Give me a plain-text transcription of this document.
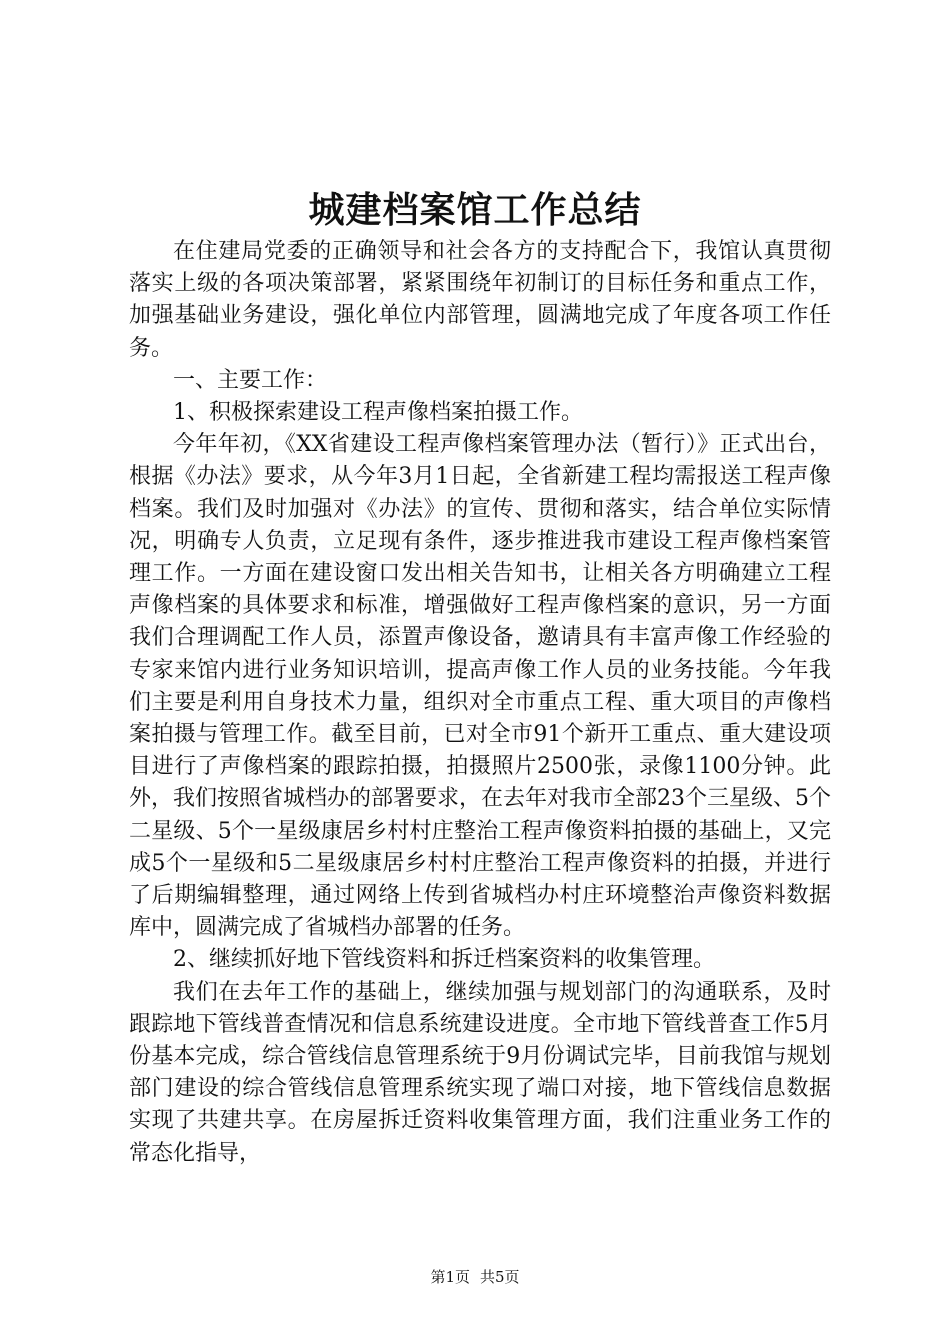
城建档案馆工作总结

在住建局党委的正确领导和社会各方的支持配合下，我馆认真贯彻落实上级的各项决策部署，紧紧围绕年初制订的目标任务和重点工作，加强基础业务建设，强化单位内部管理，圆满地完成了年度各项工作任务。

一、主要工作：

1、积极探索建设工程声像档案拍摄工作。

今年年初，《XX省建设工程声像档案管理办法（暂行）》正式出台，根据《办法》要求，从今年3月1日起，全省新建工程均需报送工程声像档案。我们及时加强对《办法》的宣传、贯彻和落实，结合单位实际情况，明确专人负责，立足现有条件，逐步推进我市建设工程声像档案管理工作。一方面在建设窗口发出相关告知书，让相关各方明确建立工程声像档案的具体要求和标准，增强做好工程声像档案的意识，另一方面我们合理调配工作人员，添置声像设备，邀请具有丰富声像工作经验的专家来馆内进行业务知识培训，提高声像工作人员的业务技能。今年我们主要是利用自身技术力量，组织对全市重点工程、重大项目的声像档案拍摄与管理工作。截至目前，已对全市91个新开工重点、重大建设项目进行了声像档案的跟踪拍摄，拍摄照片2500张，录像1100分钟。此外，我们按照省城档办的部署要求，在去年对我市全部23个三星级、5个二星级、5个一星级康居乡村村庄整治工程声像资料拍摄的基础上，又完成5个一星级和5二星级康居乡村村庄整治工程声像资料的拍摄，并进行了后期编辑整理，通过网络上传到省城档办村庄环境整治声像资料数据库中，圆满完成了省城档办部署的任务。

2、继续抓好地下管线资料和拆迁档案资料的收集管理。

我们在去年工作的基础上，继续加强与规划部门的沟通联系，及时跟踪地下管线普查情况和信息系统建设进度。全市地下管线普查工作5月份基本完成，综合管线信息管理系统于9月份调试完毕，目前我馆与规划部门建设的综合管线信息管理系统实现了端口对接，地下管线信息数据实现了共建共享。在房屋拆迁资料收集管理方面，我们注重业务工作的常态化指导，

第1页 共5页
